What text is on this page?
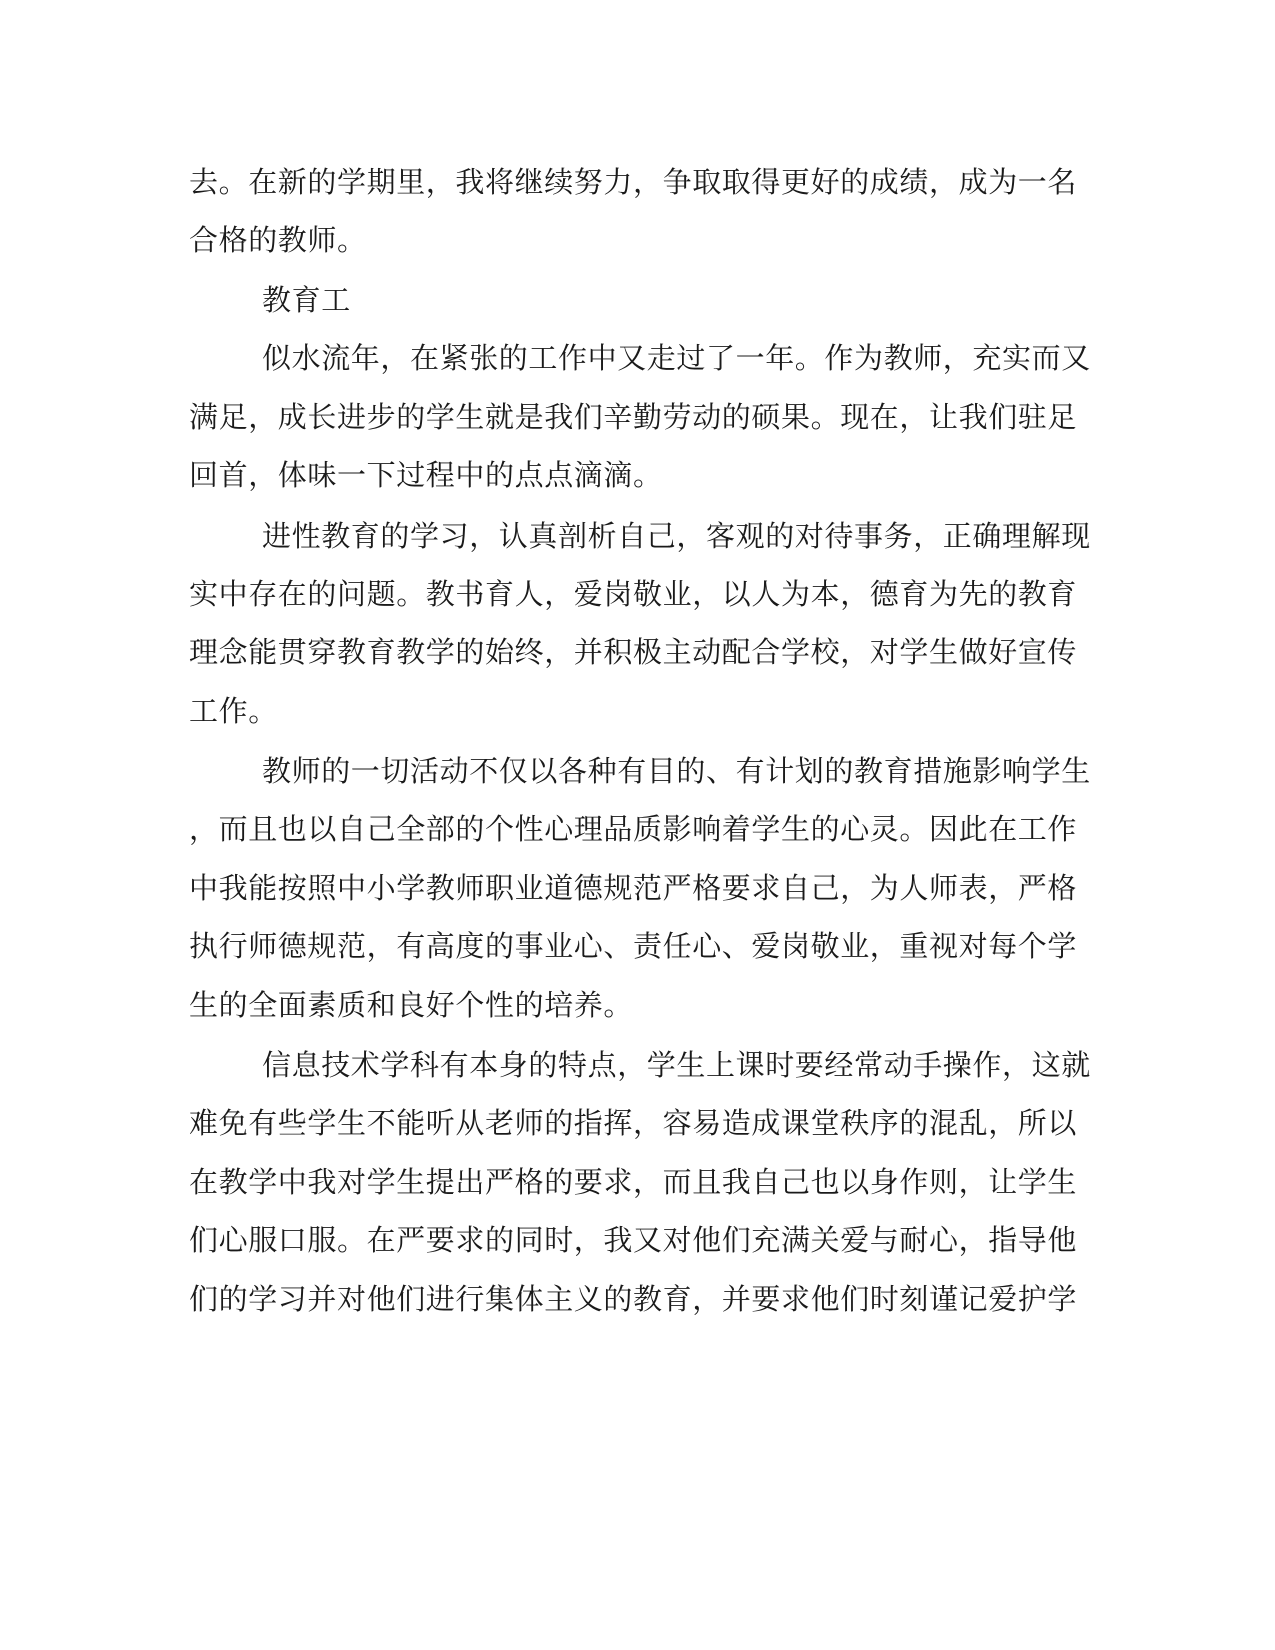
去。在新的学期里，我将继续努力，争取取得更好的成绩，成为一名
合格的教师。
教育工
似水流年，在紧张的工作中又走过了一年。作为教师，充实而又
满足，成长进步的学生就是我们辛勤劳动的硕果。现在，让我们驻足
回首，体味一下过程中的点点滴滴。
进性教育的学习，认真剖析自己，客观的对待事务，正确理解现
实中存在的问题。教书育人，爱岗敬业，以人为本，德育为先的教育
理念能贯穿教育教学的始终，并积极主动配合学校，对学生做好宣传
工作。
教师的一切活动不仅以各种有目的、有计划的教育措施影响学生
，而且也以自己全部的个性心理品质影响着学生的心灵。因此在工作
中我能按照中小学教师职业道德规范严格要求自己，为人师表，严格
执行师德规范，有高度的事业心、责任心、爱岗敬业，重视对每个学
生的全面素质和良好个性的培养。
信息技术学科有本身的特点，学生上课时要经常动手操作，这就
难免有些学生不能听从老师的指挥，容易造成课堂秩序的混乱，所以
在教学中我对学生提出严格的要求，而且我自己也以身作则，让学生
们心服口服。在严要求的同时，我又对他们充满关爱与耐心，指导他
们的学习并对他们进行集体主义的教育，并要求他们时刻谨记爱护学
